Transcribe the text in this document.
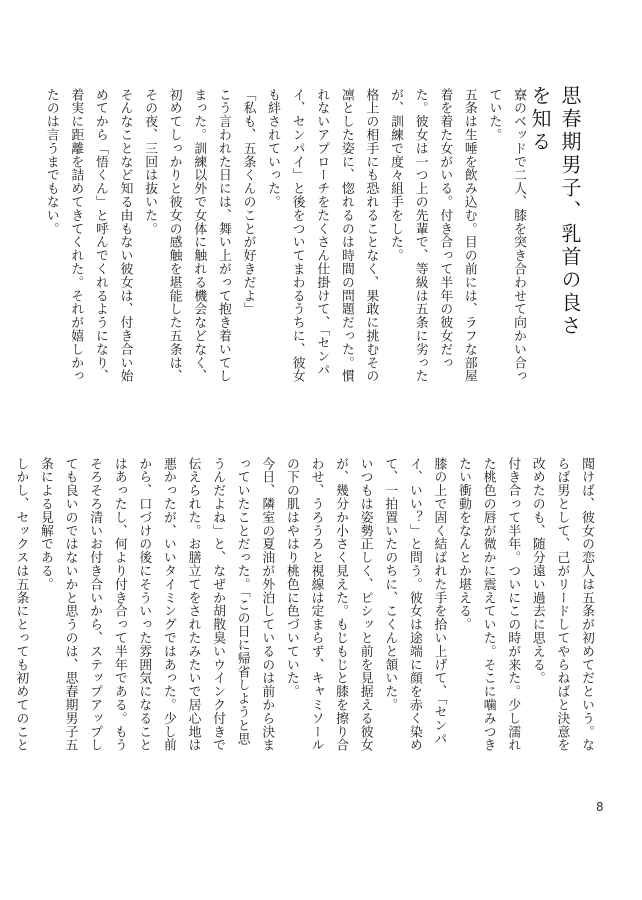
思春期男子、乳首の良さを知る

寮のベッドで二人、膝を突き合わせて向かい合っていた。

五条は生唾を飲み込む。目の前には、ラフな部屋着を着た女がいる。付き合って半年の彼女だった。彼女は一つ上の先輩で、等級は五条に劣ったが、訓練で度々組手をした。

格上の相手にも恐れることなく、果敢に挑むその凛とした姿に、惚れるのは時間の問題だった。慣れないアプローチをたくさん仕掛けて、「センパイ、センパイ」と後をついてまわるうちに、彼女も絆されていった。

「私も、五条くんのことが好きだよ」

こう言われた日には、舞い上がって抱き着いてしまった。訓練以外で女体に触れる機会などなく、初めてしっかりと彼女の感触を堪能した五条は、その夜、三回は抜いた。

そんなことなど知る由もない彼女は、付き合い始めてから「悟くん」と呼んでくれるようになり、着実に距離を詰めてきてくれた。それが嬉しかったのは言うまでもない。

聞けば、彼女の恋人は五条が初めてだという。ならば男として、己がリードしてやらねばと決意を改めたのも、随分遠い過去に思える。

付き合って半年。ついにこの時が来た。少し濡れた桃色の唇が微かに震えていた。そこに噛みつきたい衝動をなんとか堪える。

膝の上で固く結ばれた手を拾い上げて、「センパイ、いい？」と問う。彼女は途端に顔を赤く染めて、一拍置いたのちに、こくんと頷いた。

いつもは姿勢正しく、ピシッと前を見据える彼女が、幾分か小さく見えた。もじもじと膝を擦り合わせ、うろうろと視線は定まらず、キャミソールの下の肌はやはり桃色に色づいていた。

今日、隣室の夏油が外泊しているのは前から決まっていたことだった。「この日に帰省しようと思うんだよね」と、なぜか胡散臭いウインク付きで伝えられた。お膳立てをされたみたいで居心地は悪かったが、いいタイミングではあった。少し前から、口づけの後にそういった雰囲気になることはあったし、何より付き合って半年である。もうそろそろ清いお付き合いから、ステップアップしても良いのではないかと思うのは、思春期男子五条による見解である。

しかし、セックスは五条にとっても初めてのこと

8
